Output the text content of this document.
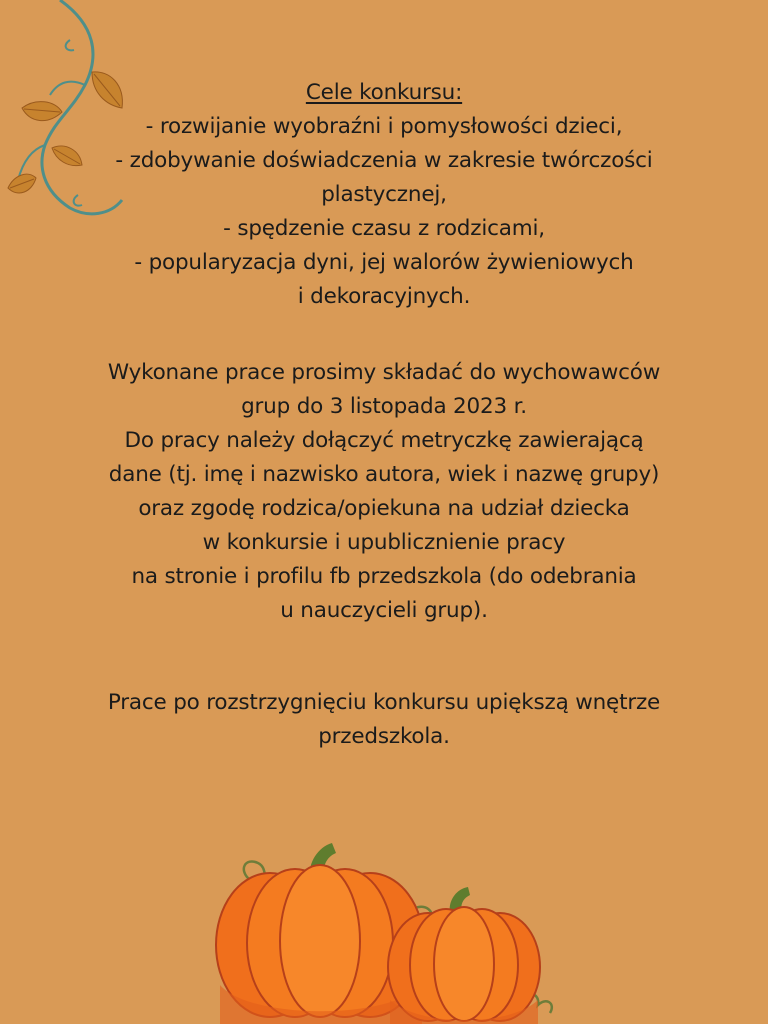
Cele konkursu:
- rozwijanie wyobraźni i pomysłowości dzieci,
- zdobywanie doświadczenia w zakresie twórczości
plastycznej,
- spędzenie czasu z rodzicami,
- popularyzacja dyni, jej walorów żywieniowych
i dekoracyjnych.
Wykonane prace prosimy składać do wychowawców
grup do 3 listopada 2023 r.
Do pracy należy dołączyć metryczkę zawierającą
dane (tj. imę i nazwisko autora, wiek i nazwę grupy)
oraz zgodę rodzica/opiekuna na udział dziecka
w konkursie i upublicznienie pracy
na stronie i profilu fb przedszkola (do odebrania
u nauczycieli grup).
Prace po rozstrzygnięciu konkursu upiększą wnętrze
przedszkola.
